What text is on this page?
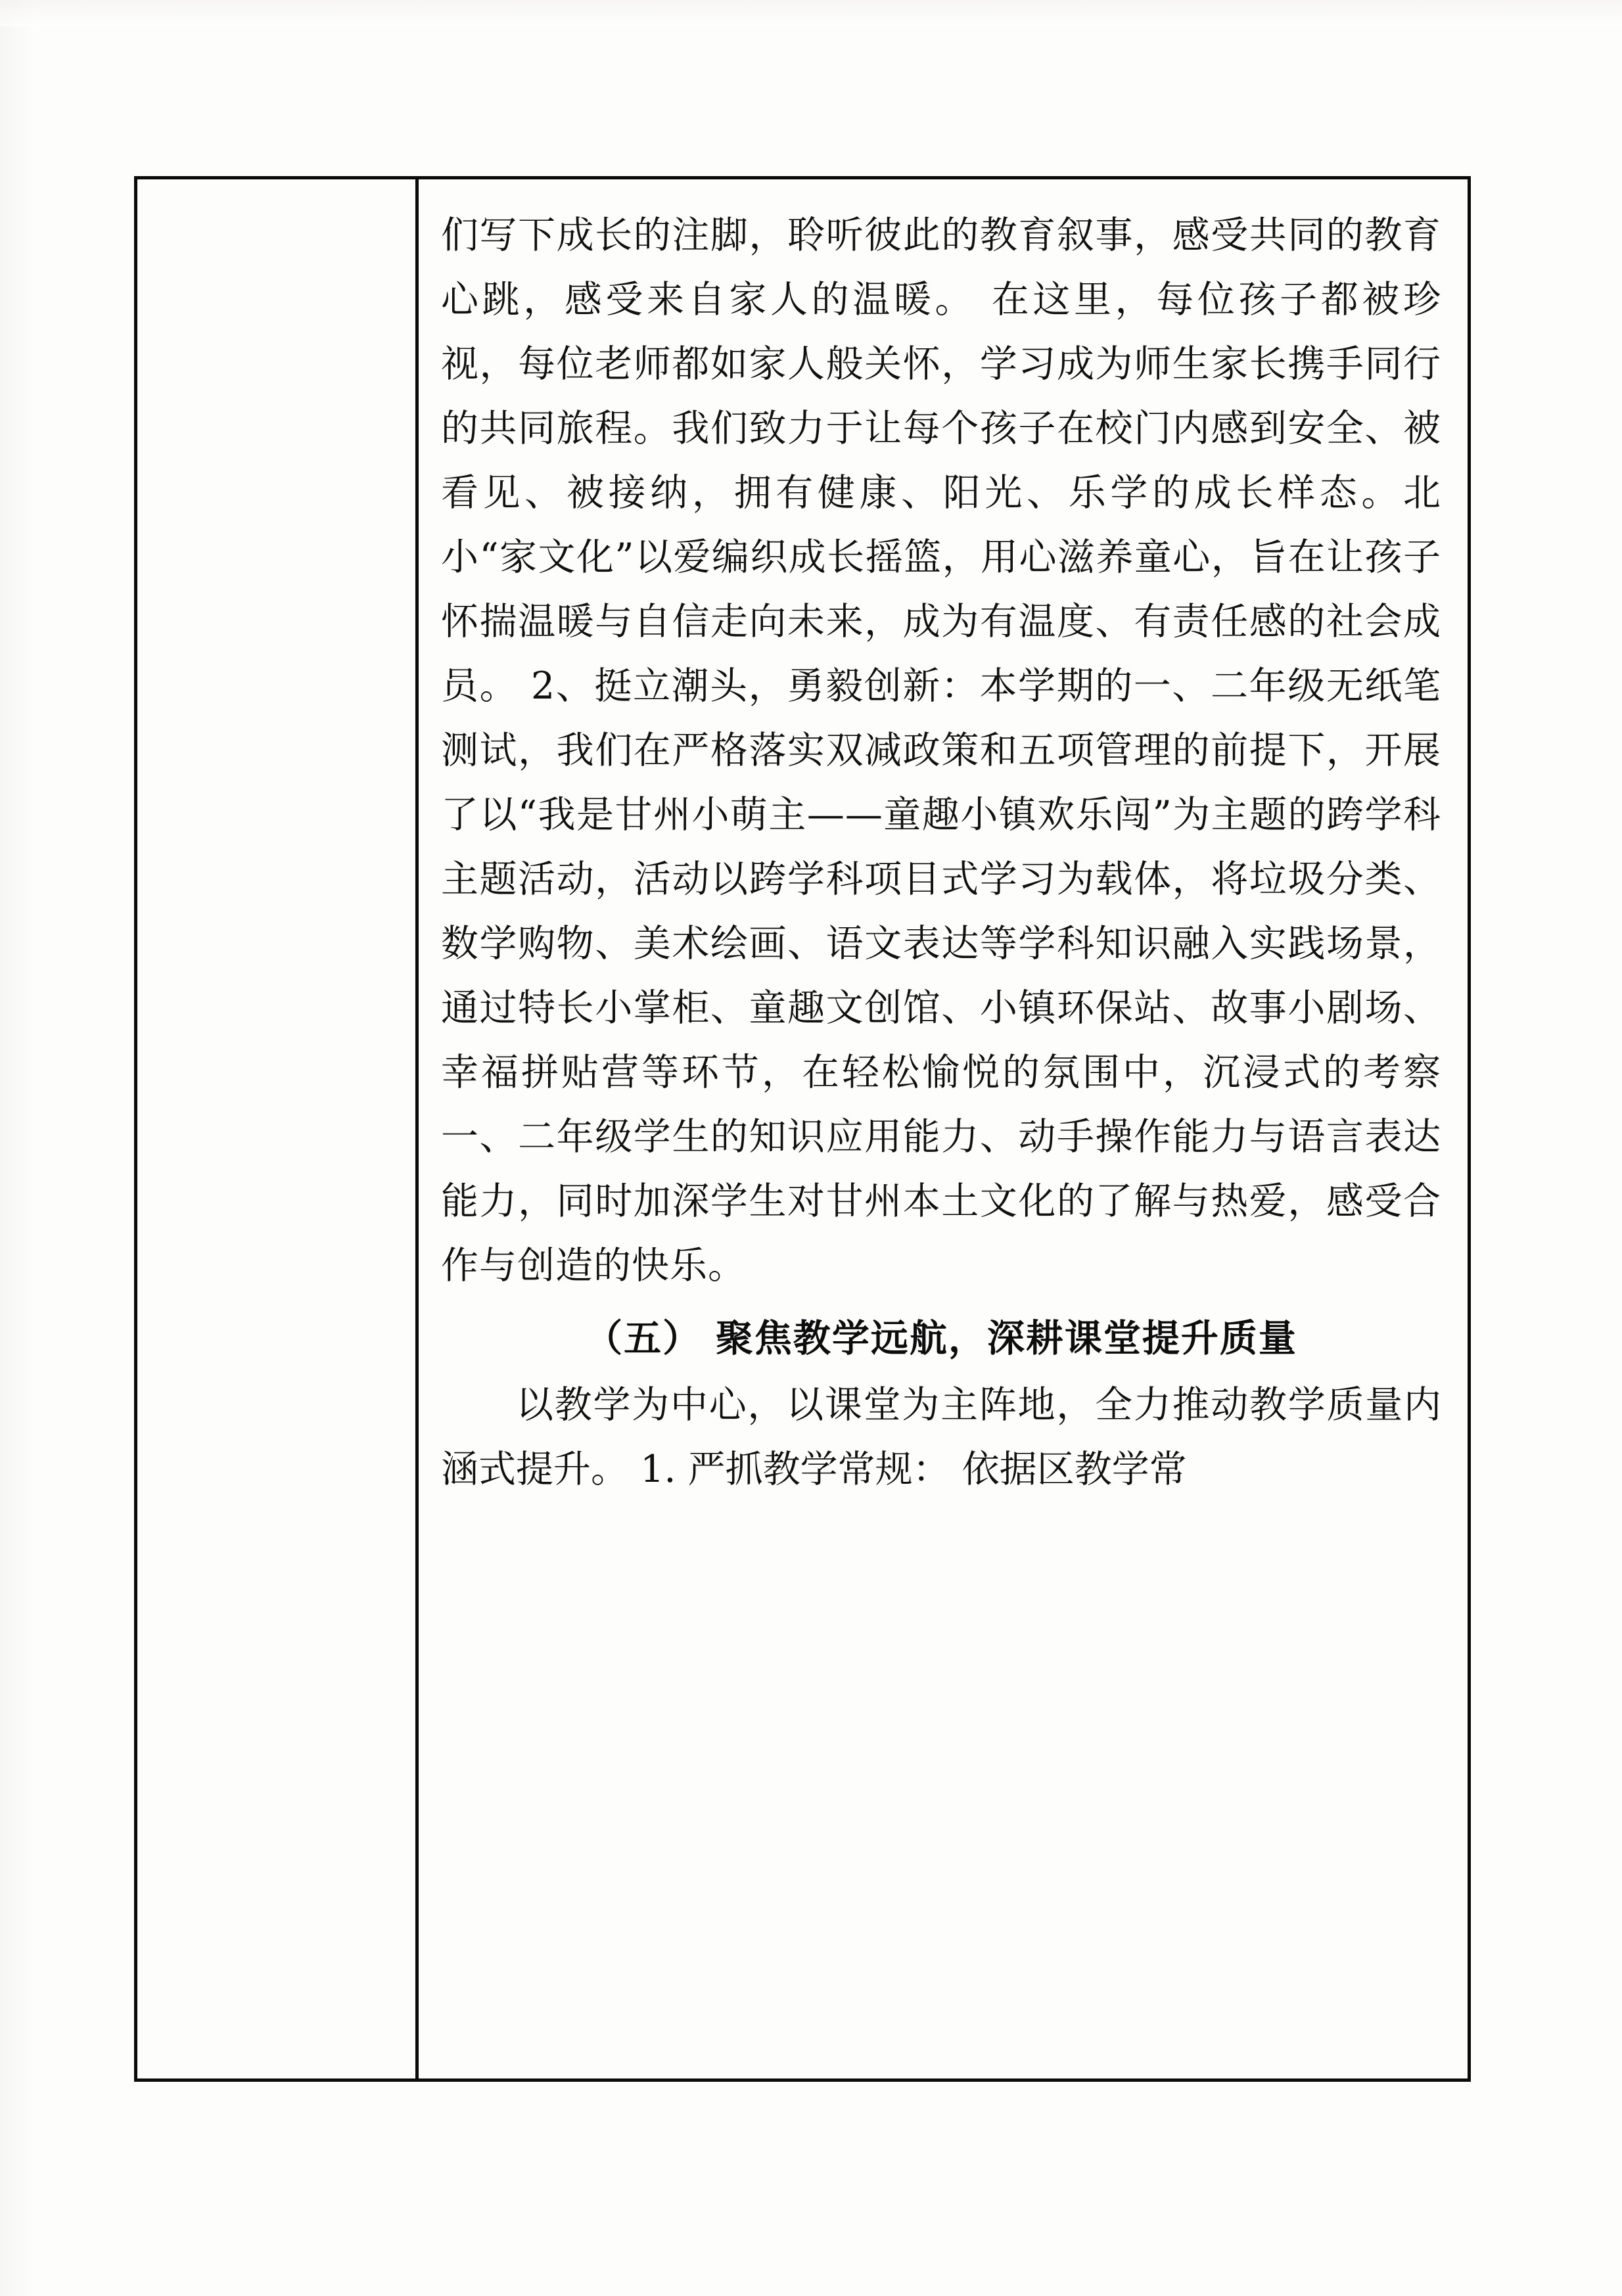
们写下成长的注脚，聆听彼此的教育叙事，感受共同的教育心跳，感受来自家人的温暖。 在这里，每位孩子都被珍视，每位老师都如家人般关怀，学习成为师生家长携手同行的共同旅程。我们致力于让每个孩子在校门内感到安全、被看见、被接纳，拥有健康、阳光、乐学的成长样态。北小“家文化”以爱编织成长摇篮，用心滋养童心，旨在让孩子怀揣温暖与自信走向未来，成为有温度、有责任感的社会成员。 2、挺立潮头，勇毅创新：本学期的一、二年级无纸笔测试，我们在严格落实双减政策和五项管理的前提下，开展了以“我是甘州小萌主——童趣小镇欢乐闯”为主题的跨学科主题活动，活动以跨学科项目式学习为载体，将垃圾分类、数学购物、美术绘画、语文表达等学科知识融入实践场景，通过特长小掌柜、童趣文创馆、小镇环保站、故事小剧场、幸福拼贴营等环节，在轻松愉悦的氛围中，沉浸式的考察一、二年级学生的知识应用能力、动手操作能力与语言表达能力，同时加深学生对甘州本土文化的了解与热爱，感受合作与创造的快乐。
（五） 聚焦教学远航，深耕课堂提升质量
以教学为中心，以课堂为主阵地，全力推动教学质量内涵式提升。 1. 严抓教学常规： 依据区教学常
